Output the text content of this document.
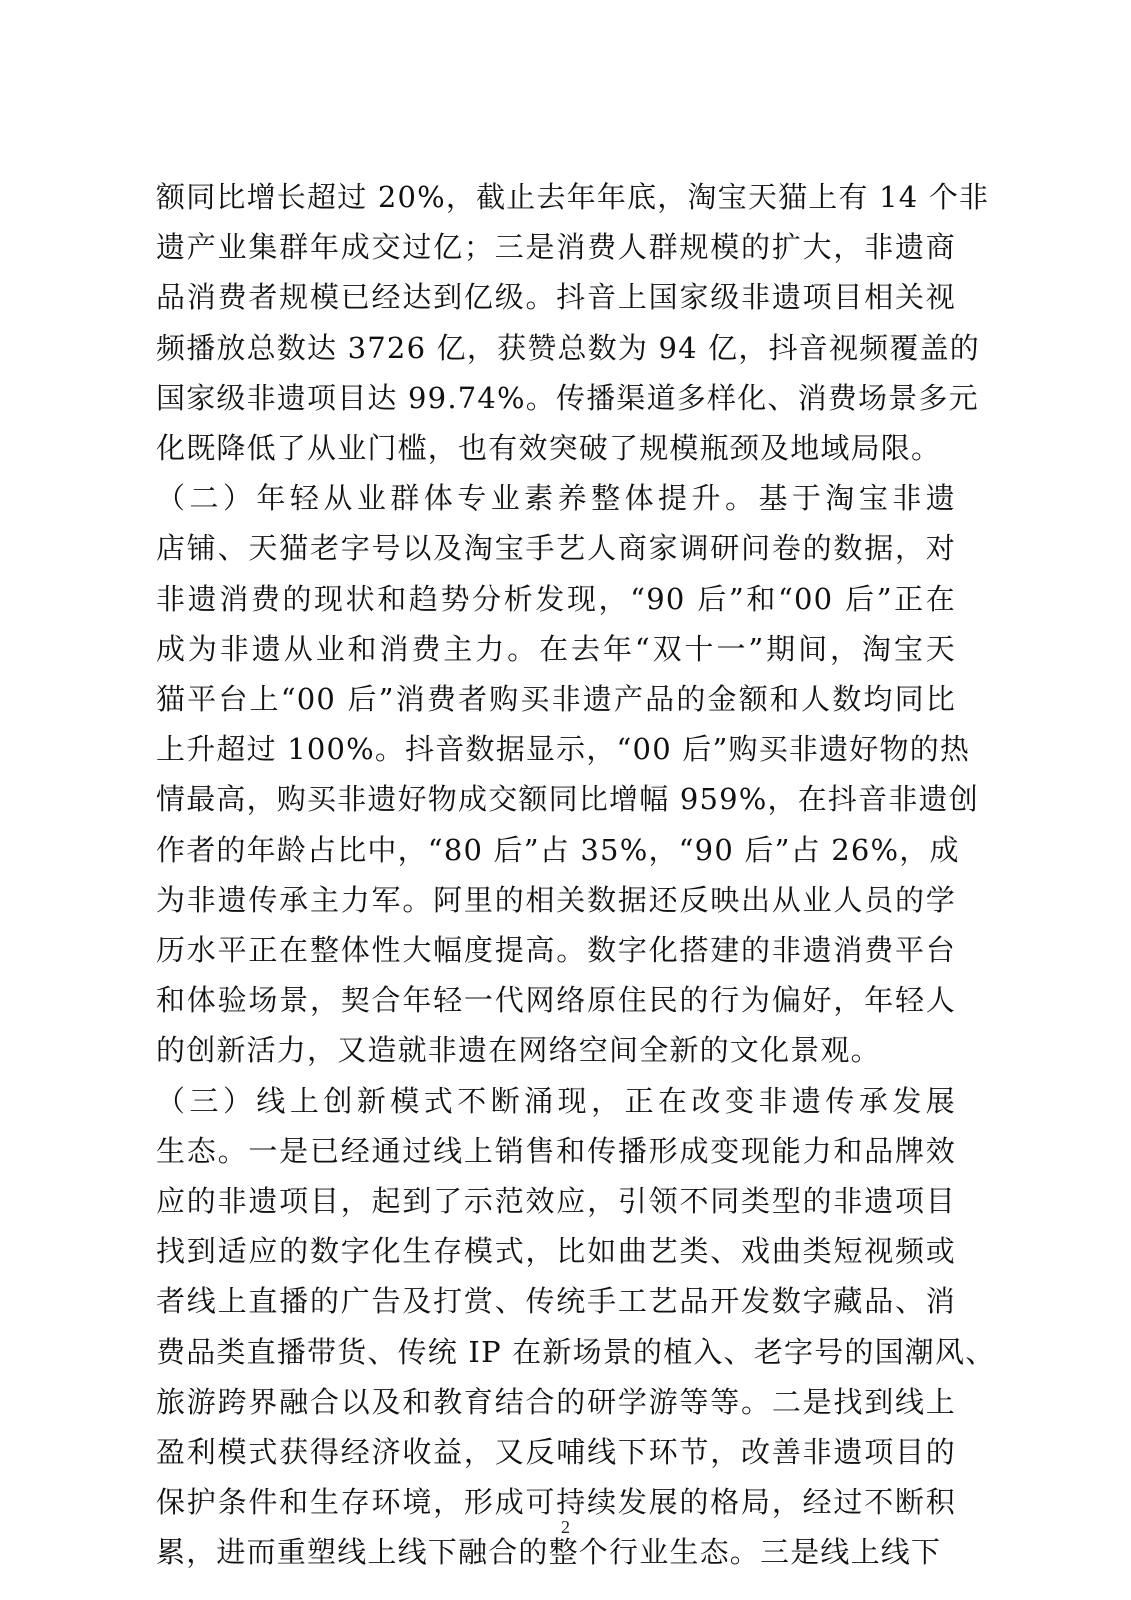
额同比增长超过 20%，截止去年年底，淘宝天猫上有 14 个非
遗产业集群年成交过亿；三是消费人群规模的扩大，非遗商
品消费者规模已经达到亿级。抖音上国家级非遗项目相关视
频播放总数达 3726 亿，获赞总数为 94 亿，抖音视频覆盖的
国家级非遗项目达 99.74%。传播渠道多样化、消费场景多元
化既降低了从业门槛，也有效突破了规模瓶颈及地域局限。

（二）年轻从业群体专业素养整体提升。基于淘宝非遗
店铺、天猫老字号以及淘宝手艺人商家调研问卷的数据，对
非遗消费的现状和趋势分析发现，“90 后”和“00 后”正在
成为非遗从业和消费主力。在去年“双十一”期间，淘宝天
猫平台上“00 后”消费者购买非遗产品的金额和人数均同比
上升超过 100%。抖音数据显示，“00 后”购买非遗好物的热
情最高，购买非遗好物成交额同比增幅 959%，在抖音非遗创
作者的年龄占比中，“80 后”占 35%，“90 后”占 26%，成
为非遗传承主力军。阿里的相关数据还反映出从业人员的学
历水平正在整体性大幅度提高。数字化搭建的非遗消费平台
和体验场景，契合年轻一代网络原住民的行为偏好，年轻人
的创新活力，又造就非遗在网络空间全新的文化景观。

（三）线上创新模式不断涌现，正在改变非遗传承发展
生态。一是已经通过线上销售和传播形成变现能力和品牌效
应的非遗项目，起到了示范效应，引领不同类型的非遗项目
找到适应的数字化生存模式，比如曲艺类、戏曲类短视频或
者线上直播的广告及打赏、传统手工艺品开发数字藏品、消
费品类直播带货、传统 IP 在新场景的植入、老字号的国潮风、
旅游跨界融合以及和教育结合的研学游等等。二是找到线上
盈利模式获得经济收益，又反哺线下环节，改善非遗项目的
保护条件和生存环境，形成可持续发展的格局，经过不断积
累，进而重塑线上线下融合的整个行业生态。三是线上线下

2
